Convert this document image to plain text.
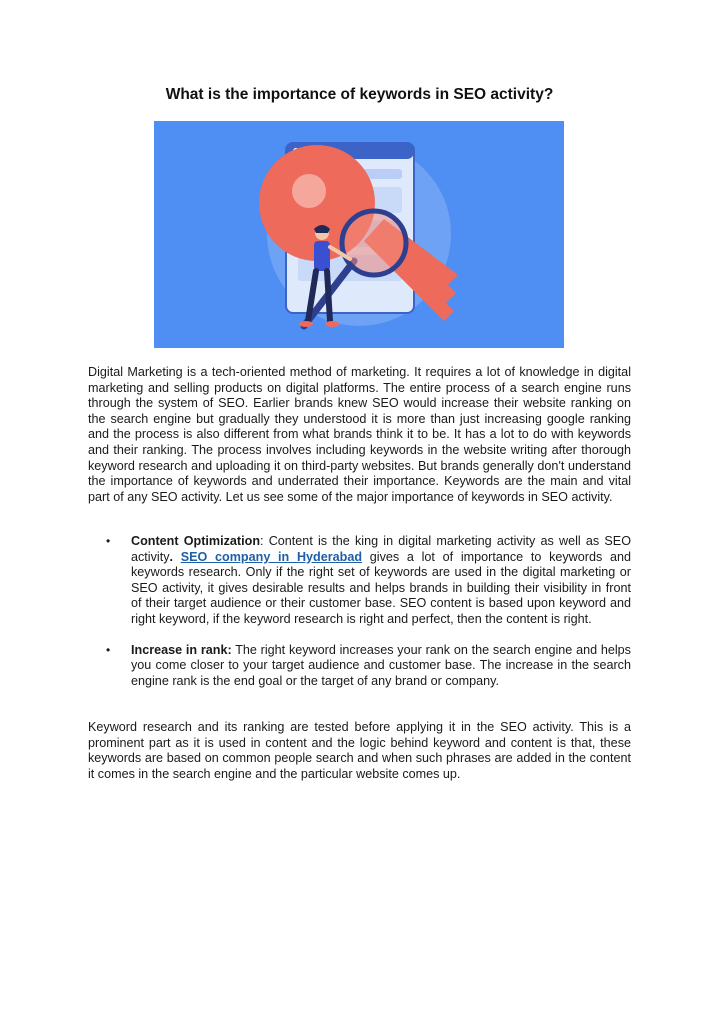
What is the importance of keywords in SEO activity?

Digital Marketing is a tech-oriented method of marketing. It requires a lot of knowledge in digital marketing and selling products on digital platforms. The entire process of a search engine runs through the system of SEO. Earlier brands knew SEO would increase their website ranking on the search engine but gradually they understood it is more than just increasing google ranking and the process is also different from what brands think it to be. It has a lot to do with keywords and their ranking. The process involves including keywords in the website writing after thorough keyword research and uploading it on third-party websites. But brands generally don't understand the importance of keywords and underrated their importance. Keywords are the main and vital part of any SEO activity. Let us see some of the major importance of keywords in SEO activity.

• Content Optimization: Content is the king in digital marketing activity as well as SEO activity. SEO company in Hyderabad gives a lot of importance to keywords and keywords research. Only if the right set of keywords are used in the digital marketing or SEO activity, it gives desirable results and helps brands in building their visibility in front of their target audience or their customer base. SEO content is based upon keyword and right keyword, if the keyword research is right and perfect, then the content is right.
• Increase in rank: The right keyword increases your rank on the search engine and helps you come closer to your target audience and customer base. The increase in the search engine rank is the end goal or the target of any brand or company.

Keyword research and its ranking are tested before applying it in the SEO activity. This is a prominent part as it is used in content and the logic behind keyword and content is that, these keywords are based on common people search and when such phrases are added in the content it comes in the search engine and the particular website comes up.
